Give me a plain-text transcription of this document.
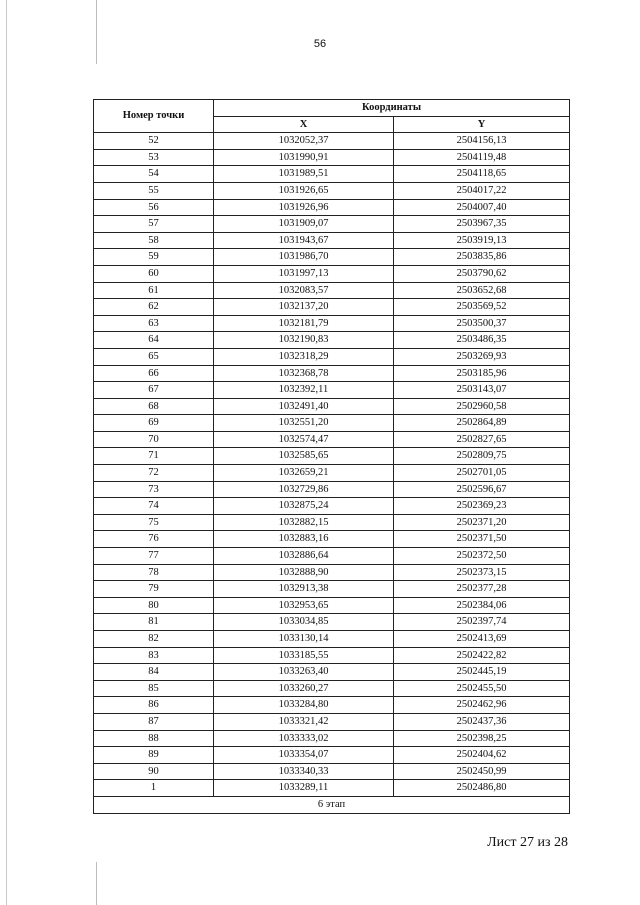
56
Номер точки	Координаты	
	X	Y
52	1032052,37	2504156,13
53	1031990,91	2504119,48
54	1031989,51	2504118,65
55	1031926,65	2504017,22
56	1031926,96	2504007,40
57	1031909,07	2503967,35
58	1031943,67	2503919,13
59	1031986,70	2503835,86
60	1031997,13	2503790,62
61	1032083,57	2503652,68
62	1032137,20	2503569,52
63	1032181,79	2503500,37
64	1032190,83	2503486,35
65	1032318,29	2503269,93
66	1032368,78	2503185,96
67	1032392,11	2503143,07
68	1032491,40	2502960,58
69	1032551,20	2502864,89
70	1032574,47	2502827,65
71	1032585,65	2502809,75
72	1032659,21	2502701,05
73	1032729,86	2502596,67
74	1032875,24	2502369,23
75	1032882,15	2502371,20
76	1032883,16	2502371,50
77	1032886,64	2502372,50
78	1032888,90	2502373,15
79	1032913,38	2502377,28
80	1032953,65	2502384,06
81	1033034,85	2502397,74
82	1033130,14	2502413,69
83	1033185,55	2502422,82
84	1033263,40	2502445,19
85	1033260,27	2502455,50
86	1033284,80	2502462,96
87	1033321,42	2502437,36
88	1033333,02	2502398,25
89	1033354,07	2502404,62
90	1033340,33	2502450,99
1	1033289,11	2502486,80
6 этап		
Лист 27 из 28
